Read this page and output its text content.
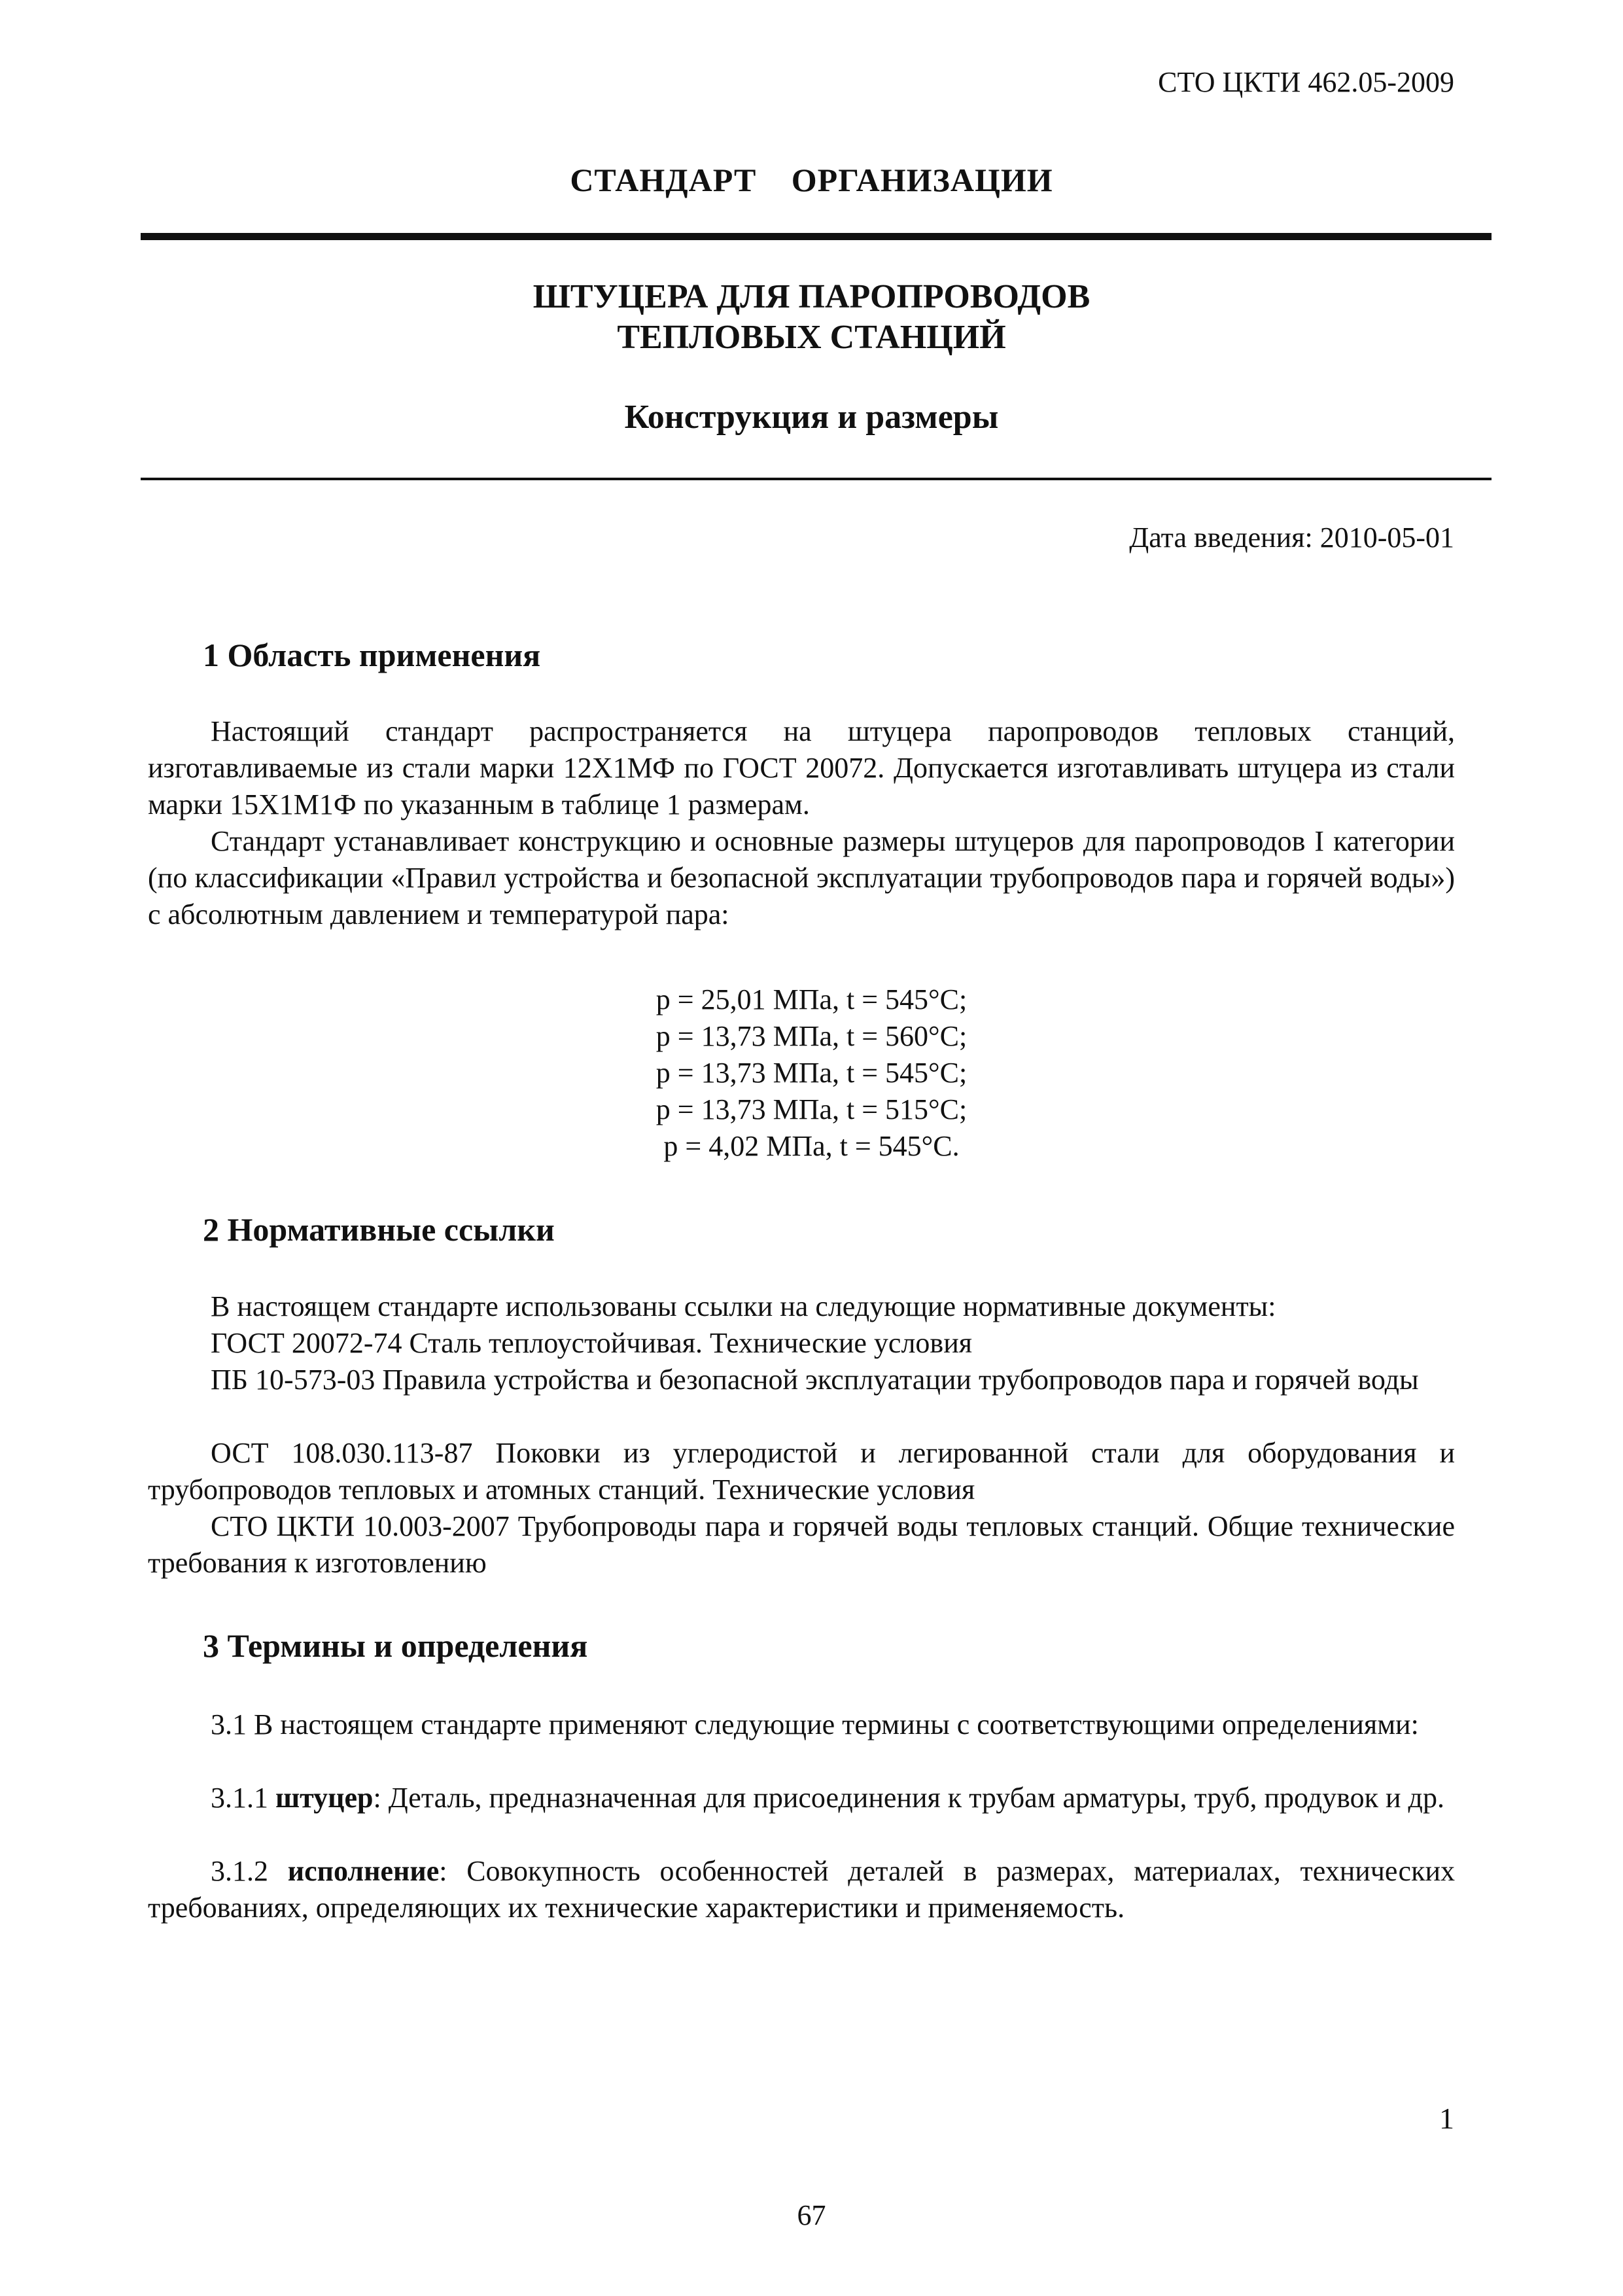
СТО ЦКТИ 462.05-2009
СТАНДАРТ ОРГАНИЗАЦИИ
ШТУЦЕРА ДЛЯ ПАРОПРОВОДОВ
ТЕПЛОВЫХ СТАНЦИЙ
Конструкция и размеры
Дата введения: 2010-05-01
1 Область применения
Настоящий стандарт распространяется на штуцера паропроводов тепловых станций, изготавливаемые из стали марки 12Х1МФ по ГОСТ 20072. Допускается изготавливать штуцера из стали марки 15Х1М1Ф по указанным в таблице 1 размерам.
Стандарт устанавливает конструкцию и основные размеры штуцеров для паропроводов I категории (по классификации «Правил устройства и безопасной эксплуатации трубопроводов пара и горячей воды») с абсолютным давлением и температурой пара:
р = 25,01 МПа, t = 545°С;
р = 13,73 МПа, t = 560°С;
р = 13,73 МПа, t = 545°С;
р = 13,73 МПа, t = 515°С;
р = 4,02 МПа, t = 545°С.
2 Нормативные ссылки
В настоящем стандарте использованы ссылки на следующие нормативные документы:
ГОСТ 20072-74 Сталь теплоустойчивая. Технические условия
ПБ 10-573-03 Правила устройства и безопасной эксплуатации трубопроводов пара и горячей воды
ОСТ 108.030.113-87 Поковки из углеродистой и легированной стали для оборудования и трубопроводов тепловых и атомных станций. Технические условия
СТО ЦКТИ 10.003-2007 Трубопроводы пара и горячей воды тепловых станций. Общие технические требования к изготовлению
3 Термины и определения
3.1 В настоящем стандарте применяют следующие термины с соответствующими определениями:
3.1.1 штуцер: Деталь, предназначенная для присоединения к трубам арматуры, труб, продувок и др.
3.1.2 исполнение: Совокупность особенностей деталей в размерах, материалах, технических требованиях, определяющих их технические характеристики и применяемость.
1
67
